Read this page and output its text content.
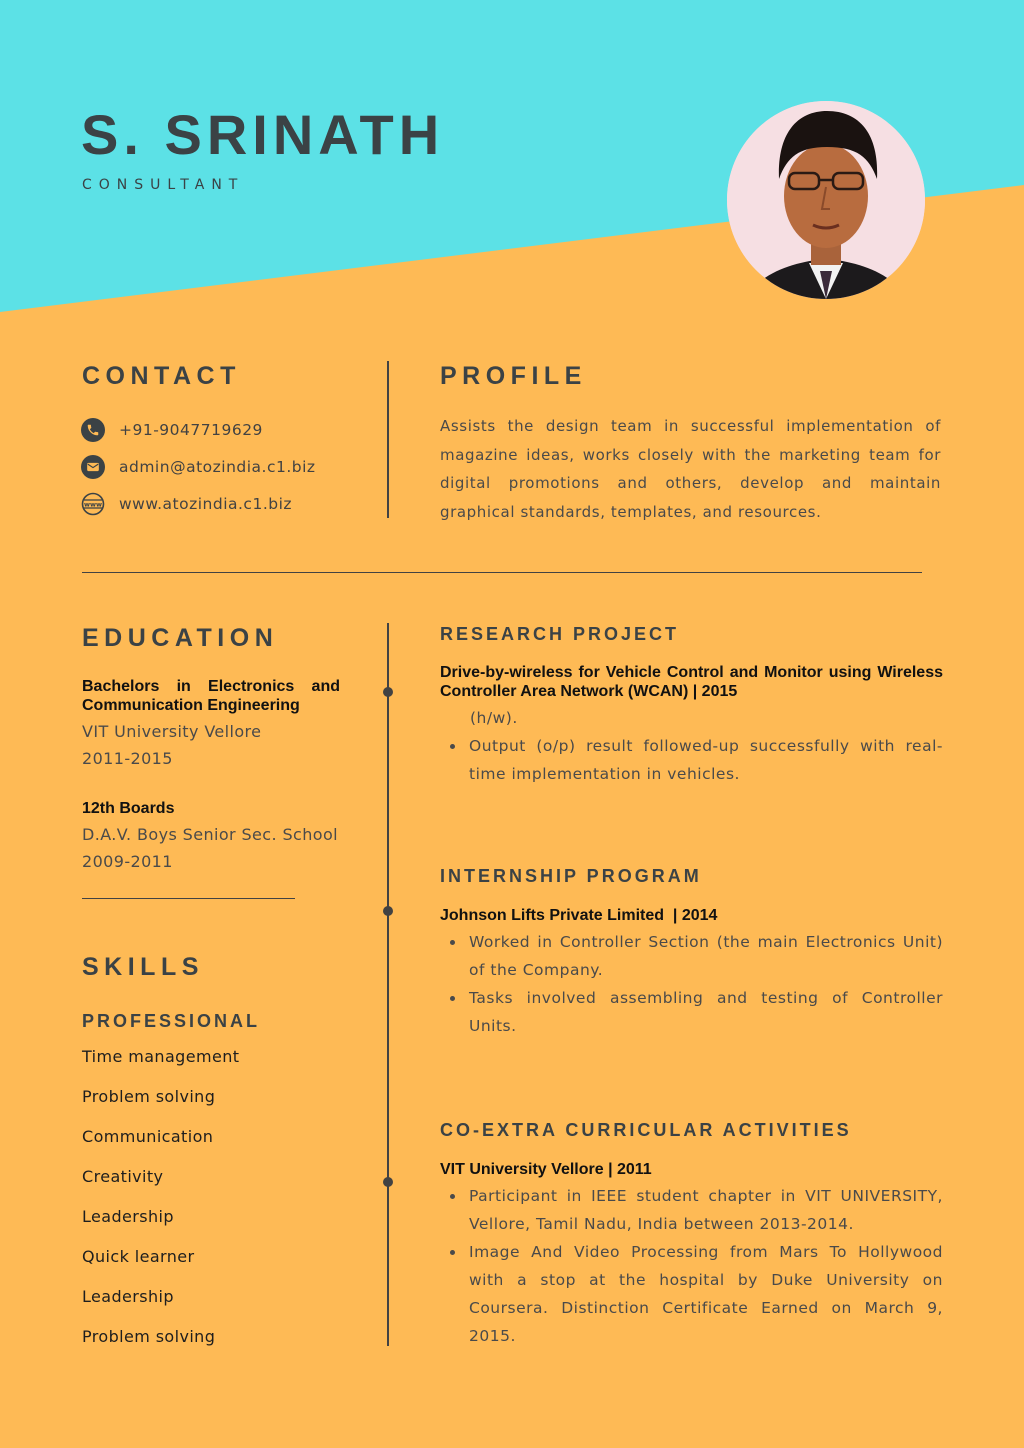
S. SRINATH
CONSULTANT
CONTACT
+91-9047719629
admin@atozindia.c1.biz
www www.atozindia.c1.biz
PROFILE
Assists the design team in successful implementation of magazine ideas, works closely with the marketing team for digital promotions and others, develop and maintain graphical standards, templates, and resources.
EDUCATION
Bachelors in Electronics and Communication Engineering
VIT University Vellore
2011-2015
12th Boards
D.A.V. Boys Senior Sec. School
2009-2011
SKILLS
PROFESSIONAL
Time management
Problem solving
Communication
Creativity
Leadership
Quick learner
Leadership
Problem solving
RESEARCH PROJECT
Drive-by-wireless for Vehicle Control and Monitor using Wireless Controller Area Network (WCAN) | 2015
(h/w).
Output (o/p) result followed-up successfully with real-time implementation in vehicles.
INTERNSHIP PROGRAM
Johnson Lifts Private Limited  | 2014
Worked in Controller Section (the main Electronics Unit) of the Company.
Tasks involved assembling and testing of Controller Units.
CO-EXTRA CURRICULAR ACTIVITIES
VIT University Vellore | 2011
Participant in IEEE student chapter in VIT UNIVERSITY, Vellore, Tamil Nadu, India between 2013-2014.
Image And Video Processing from Mars To Hollywood with a stop at the hospital by Duke University on Coursera. Distinction Certificate Earned on March 9, 2015.
